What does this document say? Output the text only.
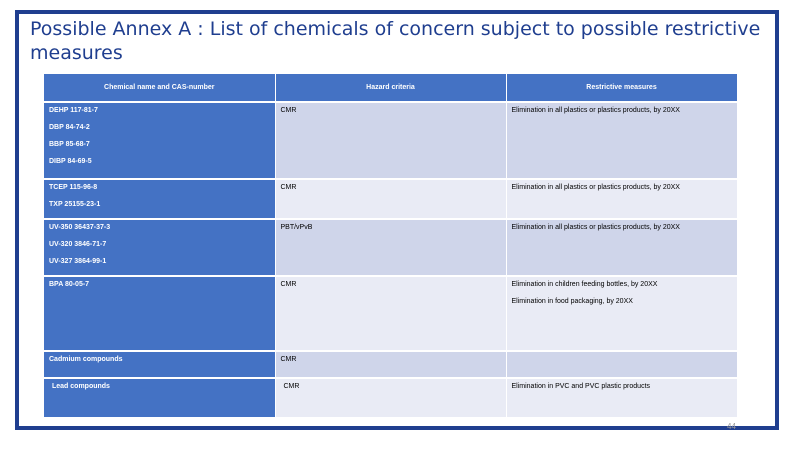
Possible Annex A : List of chemicals of concern subject to possible restrictive measures
Chemical name and CAS-number	Hazard criteria	Restrictive measures

DEHP 117-81-7
DBP 84-74-2
BBP 85-68-7
DIBP 84-69-5	CMR	Elimination in all plastics or plastics products, by 20XX

TCEP 115-96-8
TXP 25155-23-1	CMR	Elimination in all plastics or plastics products, by 20XX

UV-350 36437-37-3
UV-320 3846-71-7
UV-327 3864-99-1	PBT/vPvB	Elimination in all plastics or plastics products, by 20XX

BPA 80-05-7	CMR	Elimination in children feeding bottles, by 20XX
Elimination in food packaging, by 20XX

Cadmium compounds	CMR	

Lead compounds	CMR	Elimination in PVC and PVC plastic products
44
